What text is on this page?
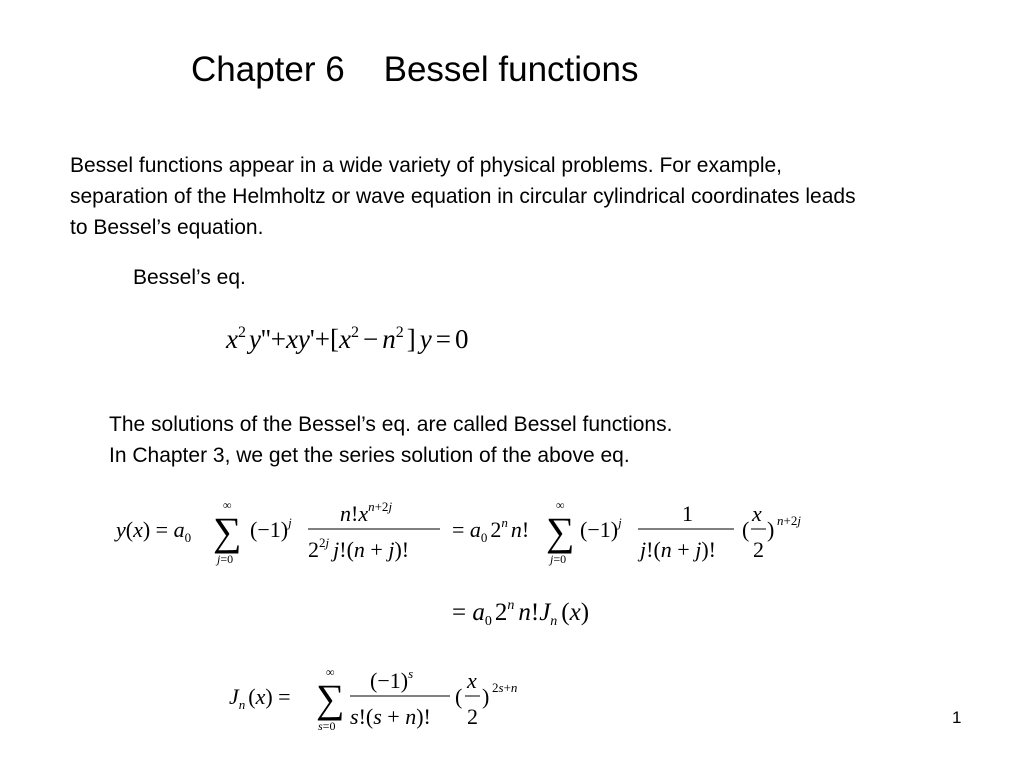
Chapter 6    Bessel functions

Bessel functions appear in a wide variety of physical problems. For example, separation of the Helmholtz or wave equation in circular cylindrical coordinates leads to Bessel’s equation.

Bessel’s eq.
$x^2$ $y''+xy'+[x^2 - n^2$ ] y = 0
The solutions of the Bessel’s eq. are called Bessel functions.
In Chapter 3, we get the series solution of the above eq.
$y(x) = a_0$
∞
∑
j=0
$(-1)^j$ $n!x^{n+2j}$
$2^{2j}$ j!(n + j)!
= $a_0$ 2$^n$ n!
∞
∑
j=0
$(-1)^j$	1
j!(n + j)!
(
x
2
) n+2j
= $a_0$ 2$^n$ $n!J_n$ (x)
$J_n$ (x) =
∞
∑
s=0
$(-1)^s$
s!(s + n)!
(
x
2
) 2s+n
1
